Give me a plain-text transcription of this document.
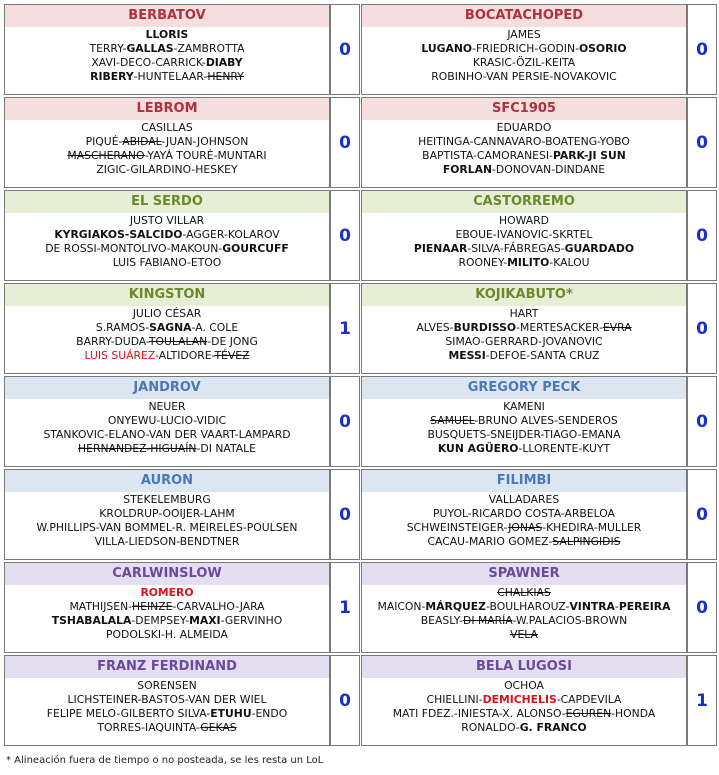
BERBATOV
LLORIS
TERRY-GALLAS-ZAMBROTTA
XAVI-DECO-CARRICK-DIABY
RIBERY-HUNTELAAR-HENRY
0
BOCATACHOPED
JAMES
LUGANO-FRIEDRICH-GODIN-OSORIO
KRASIC-ÖZIL-KEITA
ROBINHO-VAN PERSIE-NOVAKOVIC
0
LEBROM
CASILLAS
PIQUÉ-ABIDAL-JUAN-JOHNSON
MASCHERANO-YAYÁ TOURÉ-MUNTARI
ZIGIC-GILARDINO-HESKEY
0
SFC1905
EDUARDO
HEITINGA-CANNAVARO-BOATENG-YOBO
BAPTISTA-CAMORANESI-PARK-JI SUN
FORLAN-DONOVAN-DINDANE
0
EL SERDO
JUSTO VILLAR
KYRGIAKOS-SALCIDO-AGGER-KOLAROV
DE ROSSI-MONTOLIVO-MAKOUN-GOURCUFF
LUIS FABIANO-ETOO
0
CASTORREMO
HOWARD
EBOUE-IVANOVIC-SKRTEL
PIENAAR-SILVA-FÁBREGAS-GUARDADO
ROONEY-MILITO-KALOU
0
KINGSTON
JULIO CÉSAR
S.RAMOS-SAGNA-A. COLE
BARRY-DUDA-TOULALAN-DE JONG
LUIS SUÁREZ-ALTIDORE-TÉVEZ
1
KOJIKABUTO*
HART
ALVES-BURDISSO-MERTESACKER-EVRA
SIMAO-GERRARD-JOVANOVIC
MESSI-DEFOE-SANTA CRUZ
0
JANDROV
NEUER
ONYEWU-LUCIO-VIDIC
STANKOVIC-ELANO-VAN DER VAART-LAMPARD
HERNANDEZ-HIGUAÍN-DI NATALE
0
GREGORY PECK
KAMENI
SAMUEL-BRUNO ALVES-SENDEROS
BUSQUETS-SNEIJDER-TIAGO-EMANA
KUN AGÜERO-LLORENTE-KUYT
0
AURON
STEKELEMBURG
KROLDRUP-OOIJER-LAHM
W.PHILLIPS-VAN BOMMEL-R. MEIRELES-POULSEN
VILLA-LIEDSON-BENDTNER
0
FILIMBI
VALLADARES
PUYOL-RICARDO COSTA-ARBELOA
SCHWEINSTEIGER-JONAS-KHEDIRA-MULLER
CACAU-MARIO GOMEZ-SALPINGIDIS
0
CARLWINSLOW
ROMERO
MATHIJSEN-HEINZE-CARVALHO-JARA
TSHABALALA-DEMPSEY-MAXI-GERVINHO
PODOLSKI-H. ALMEIDA
1
SPAWNER
CHALKIAS
MAICON-MÁRQUEZ-BOULHAROUZ-VINTRA-PEREIRA
BEASLY-DI MARÍA-W.PALACIOS-BROWN
VELA
0
FRANZ FERDINAND
SORENSEN
LICHSTEINER-BASTOS-VAN DER WIEL
FELIPE MELO-GILBERTO SILVA-ETUHU-ENDO
TORRES-IAQUINTA-GEKAS
0
BELA LUGOSI
OCHOA
CHIELLINI-DEMICHELIS-CAPDEVILA
MATI FDEZ.-INIESTA-X. ALONSO-EGUREN-HONDA
RONALDO-G. FRANCO
1
* Alineación fuera de tiempo o no posteada, se les resta un LoL
